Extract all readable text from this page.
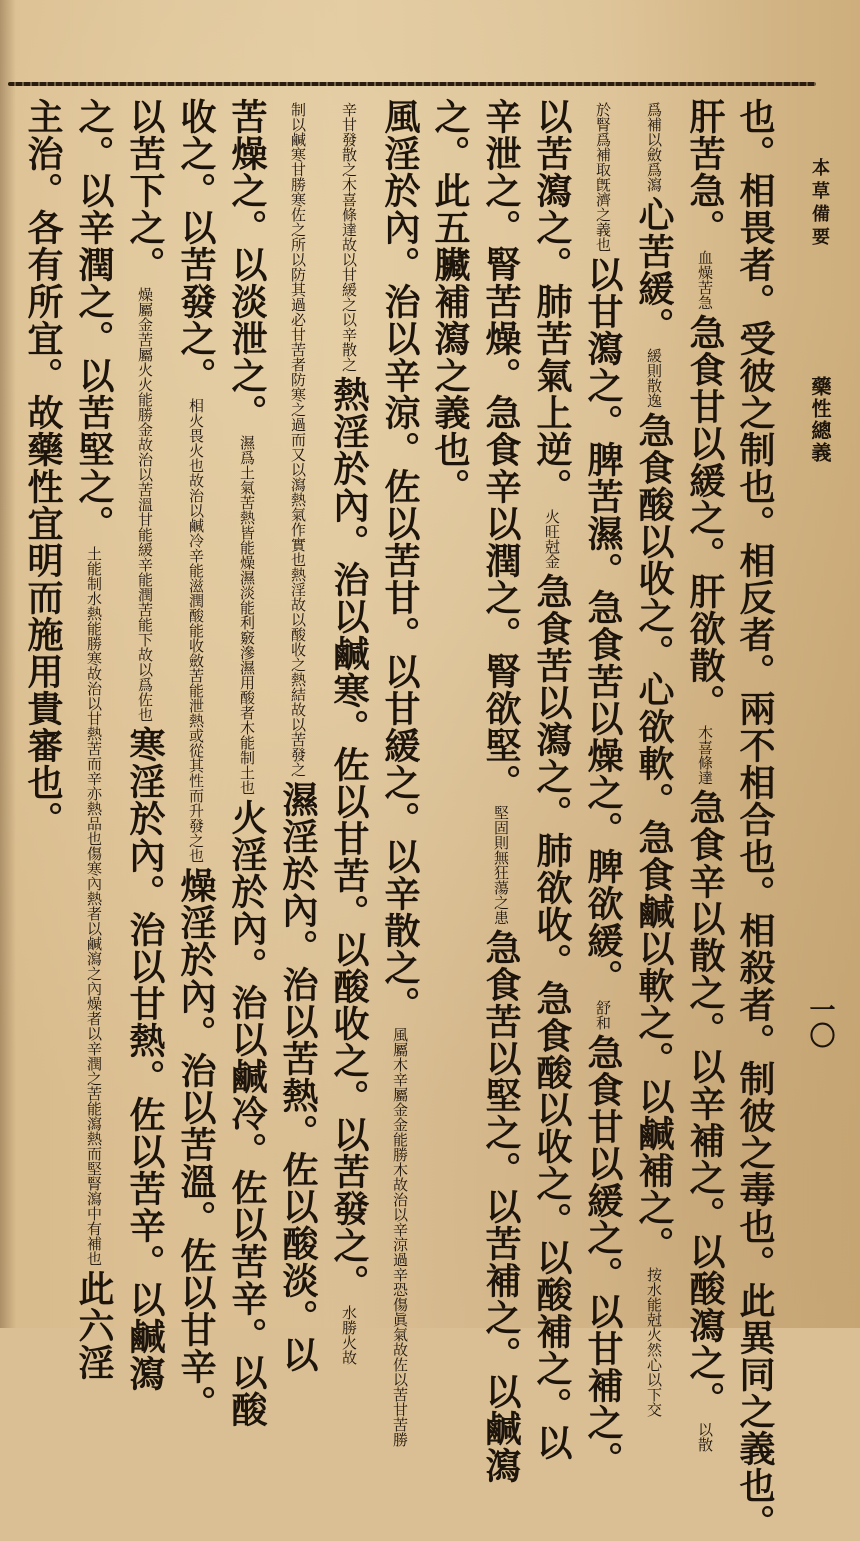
本草備要
藥性總義
一〇
也。相畏者。受彼之制也。相反者。兩不相合也。相殺者。制彼之毒也。此異同之義也。
肝苦急。血燥苦急急食甘以緩之。肝欲散。木喜條達急食辛以散之。以辛補之。以酸瀉之。以散
爲補以斂爲瀉心苦緩。緩則散逸急食酸以收之。心欲軟。急食鹹以軟之。以鹹補之。按水能尅火然心以下交
於腎爲補取旣濟之義也以甘瀉之。脾苦濕。急食苦以燥之。脾欲緩。舒和急食甘以緩之。以甘補之。
以苦瀉之。肺苦氣上逆。火旺尅金急食苦以瀉之。肺欲收。急食酸以收之。以酸補之。以
辛泄之。腎苦燥。急食辛以潤之。腎欲堅。堅固則無狂蕩之患急食苦以堅之。以苦補之。以鹹瀉
之。此五臟補瀉之義也。
風淫於內。治以辛涼。佐以苦甘。以甘緩之。以辛散之。風屬木辛屬金金能勝木故治以辛涼過辛恐傷眞氣故佐以苦甘苦勝
辛甘發散之木喜條達故以甘緩之以辛散之熱淫於內。治以鹹寒。佐以甘苦。以酸收之。以苦發之。水勝火故
制以鹹寒甘勝寒佐之所以防其過必甘苦者防寒之過而又以瀉熱氣作實也熱淫故以酸收之熱結故以苦發之濕淫於內。治以苦熱。佐以酸淡。以
苦燥之。以淡泄之。濕爲土氣苦熱皆能燥濕淡能利竅滲濕用酸者木能制土也火淫於內。治以鹹冷。佐以苦辛。以酸
收之。以苦發之。相火畏火也故治以鹹冷辛能滋潤酸能收斂苦能泄熱或從其性而升發之也燥淫於內。治以苦溫。佐以甘辛。
以苦下之。燥屬金苦屬火火能勝金故治以苦溫甘能緩辛能潤苦能下故以爲佐也寒淫於內。治以甘熱。佐以苦辛。以鹹瀉
之。以辛潤之。以苦堅之。土能制水熱能勝寒故治以甘熱苦而辛亦熱品也傷寒內熱者以鹹瀉之內燥者以辛潤之苦能瀉熱而堅腎瀉中有補也此六淫
主治。各有所宜。故藥性宜明而施用貴審也。
